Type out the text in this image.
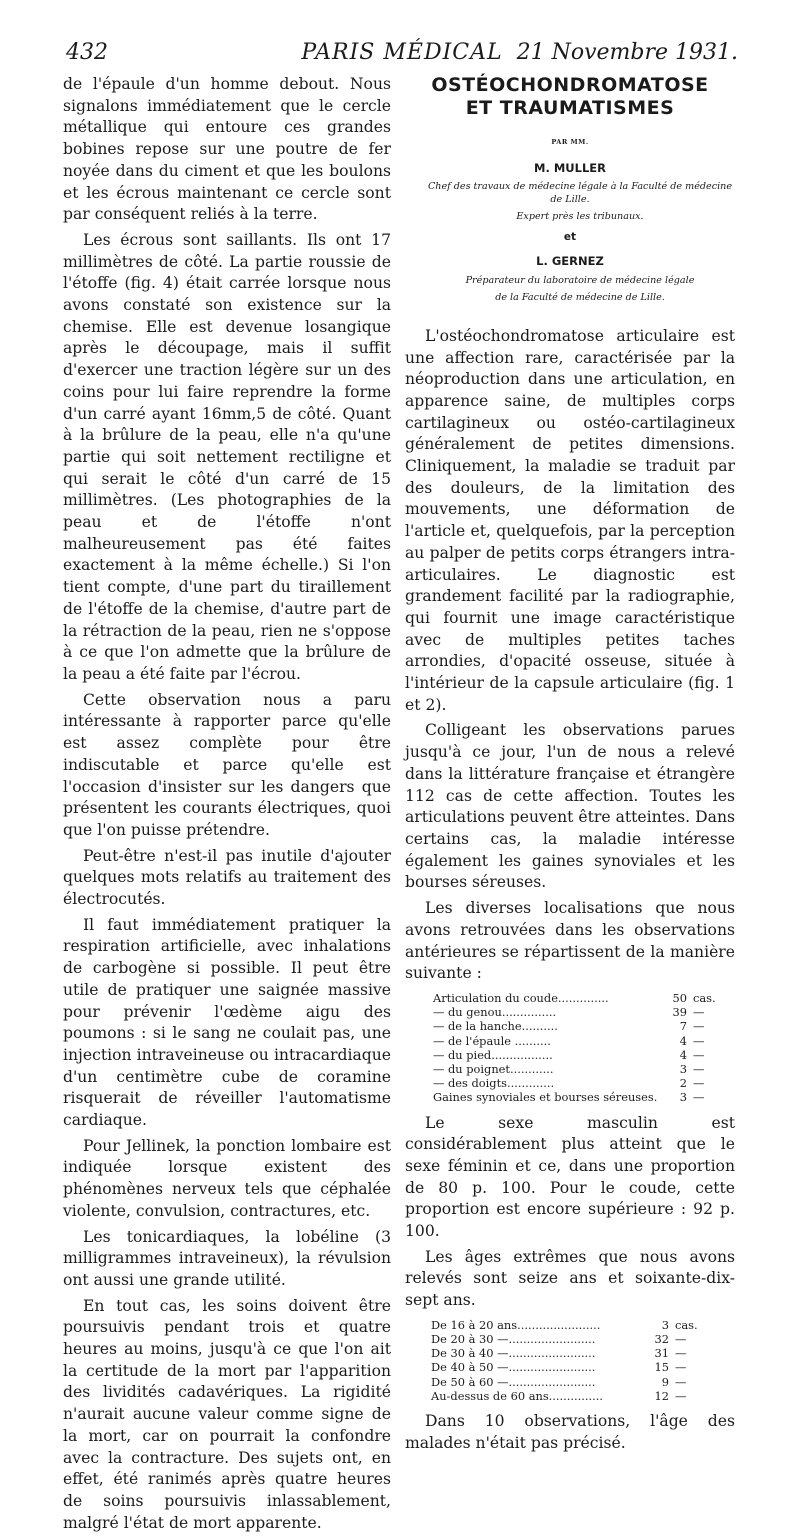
432	PARIS MÉDICAL 21 Novembre 1931.

de l'épaule d'un homme debout. Nous signalons immédiatement que le cercle métallique qui entoure ces grandes bobines repose sur une poutre de fer noyée dans du ciment et que les boulons et les écrous maintenant ce cercle sont par conséquent reliés à la terre.

Les écrous sont saillants. Ils ont 17 millimètres de côté. La partie roussie de l'étoffe (fig. 4) était carrée lorsque nous avons constaté son existence sur la chemise. Elle est devenue losangique après le découpage, mais il suffit d'exercer une traction légère sur un des coins pour lui faire reprendre la forme d'un carré ayant 16mm,5 de côté. Quant à la brûlure de la peau, elle n'a qu'une partie qui soit nettement rectiligne et qui serait le côté d'un carré de 15 millimètres. (Les photographies de la peau et de l'étoffe n'ont malheureusement pas été faites exactement à la même échelle.) Si l'on tient compte, d'une part du tiraillement de l'étoffe de la chemise, d'autre part de la rétraction de la peau, rien ne s'oppose à ce que l'on admette que la brûlure de la peau a été faite par l'écrou.

Cette observation nous a paru intéressante à rapporter parce qu'elle est assez complète pour être indiscutable et parce qu'elle est l'occasion d'insister sur les dangers que présentent les courants électriques, quoi que l'on puisse prétendre.

Peut-être n'est-il pas inutile d'ajouter quelques mots relatifs au traitement des électrocutés.

Il faut immédiatement pratiquer la respiration artificielle, avec inhalations de carbogène si possible. Il peut être utile de pratiquer une saignée massive pour prévenir l'œdème aigu des poumons : si le sang ne coulait pas, une injection intraveineuse ou intracardiaque d'un centimètre cube de coramine risquerait de réveiller l'automatisme cardiaque.

Pour Jellinek, la ponction lombaire est indiquée lorsque existent des phénomènes nerveux tels que céphalée violente, convulsion, contractures, etc.

Les tonicardiaques, la lobéline (3 milligrammes intraveineux), la révulsion ont aussi une grande utilité.

En tout cas, les soins doivent être poursuivis pendant trois et quatre heures au moins, jusqu'à ce que l'on ait la certitude de la mort par l'apparition des lividités cadavériques. La rigidité n'aurait aucune valeur comme signe de la mort, car on pourrait la confondre avec la contracture. Des sujets ont, en effet, été ranimés après quatre heures de soins poursuivis inlassablement, malgré l'état de mort apparente.

OSTÉOCHONDROMATOSE
ET TRAUMATISMES
PAR MM.
M. MULLER

Chef des travaux de médecine légale à la Faculté de médecine de Lille.

Expert près les tribunaux.

et
L. GERNEZ

Préparateur du laboratoire de médecine légale

de la Faculté de médecine de Lille.

L'ostéochondromatose articulaire est une affection rare, caractérisée par la néoproduction dans une articulation, en apparence saine, de multiples corps cartilagineux ou ostéo-cartilagineux généralement de petites dimensions. Cliniquement, la maladie se traduit par des douleurs, de la limitation des mouvements, une déformation de l'article et, quelquefois, par la perception au palper de petits corps étrangers intra-articulaires. Le diagnostic est grandement facilité par la radiographie, qui fournit une image caractéristique avec de multiples petites taches arrondies, d'opacité osseuse, située à l'intérieur de la capsule articulaire (fig. 1 et 2).

Colligeant les observations parues jusqu'à ce jour, l'un de nous a relevé dans la littérature française et étrangère 112 cas de cette affection. Toutes les articulations peuvent être atteintes. Dans certains cas, la maladie intéresse également les gaines synoviales et les bourses séreuses.

Les diverses localisations que nous avons retrouvées dans les observations antérieures se répartissent de la manière suivante :

Articulation du coude..............	50	cas.
— du genou...............	39	—
— de la hanche..........	7	—
— de l'épaule ..........	4	—
— du pied.................	4	—
— du poignet............	3	—
— des doigts.............	2	—
Gaines synoviales et bourses séreuses.	3	—

Le sexe masculin est considérablement plus atteint que le sexe féminin et ce, dans une proportion de 80 p. 100. Pour le coude, cette proportion est encore supérieure : 92 p. 100.

Les âges extrêmes que nous avons relevés sont seize ans et soixante-dix-sept ans.

De 16 à 20 ans.......................	3	cas.
De 20 à 30 —........................	32	—
De 30 à 40 —........................	31	—
De 40 à 50 —........................	15	—
De 50 à 60 —........................	9	—
Au-dessus de 60 ans...............	12	—

Dans 10 observations, l'âge des malades n'était pas précisé.
